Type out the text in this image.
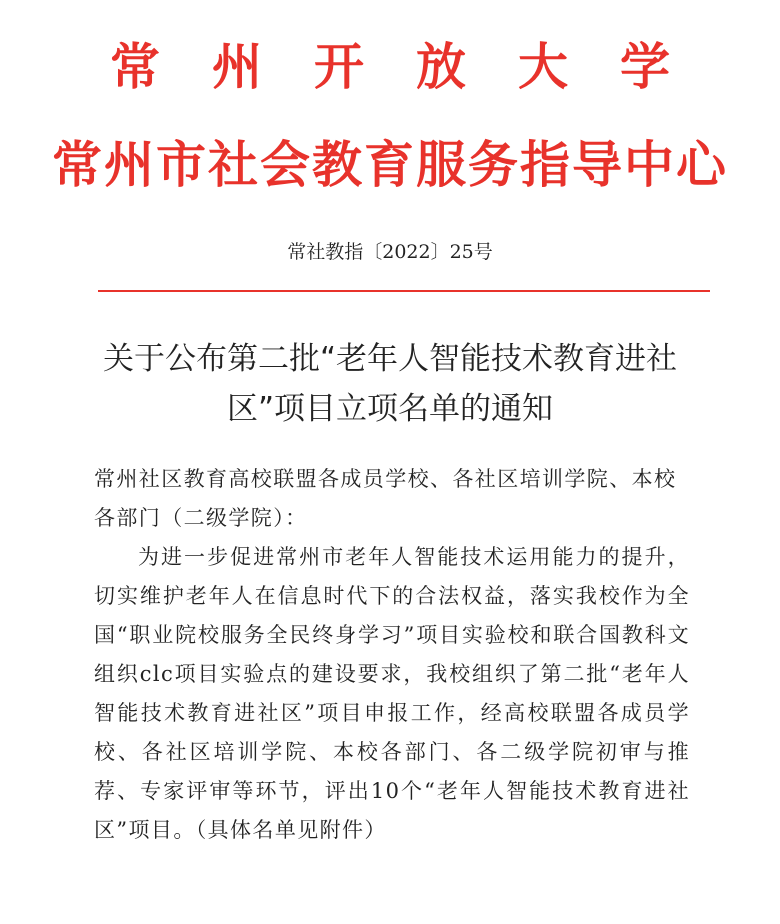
常州开放大学
常州市社会教育服务指导中心
常社教指〔2022〕25号
关于公布第二批“老年人智能技术教育进社
区”项目立项名单的通知
常州社区教育高校联盟各成员学校、各社区培训学院、本校各部门（二级学院）：
为进一步促进常州市老年人智能技术运用能力的提升，切实维护老年人在信息时代下的合法权益，落实我校作为全国“职业院校服务全民终身学习”项目实验校和联合国教科文组织clc项目实验点的建设要求，我校组织了第二批“老年人智能技术教育进社区”项目申报工作，经高校联盟各成员学校、各社区培训学院、本校各部门、各二级学院初审与推荐、专家评审等环节，评出10个“老年人智能技术教育进社区”项目。（具体名单见附件）
